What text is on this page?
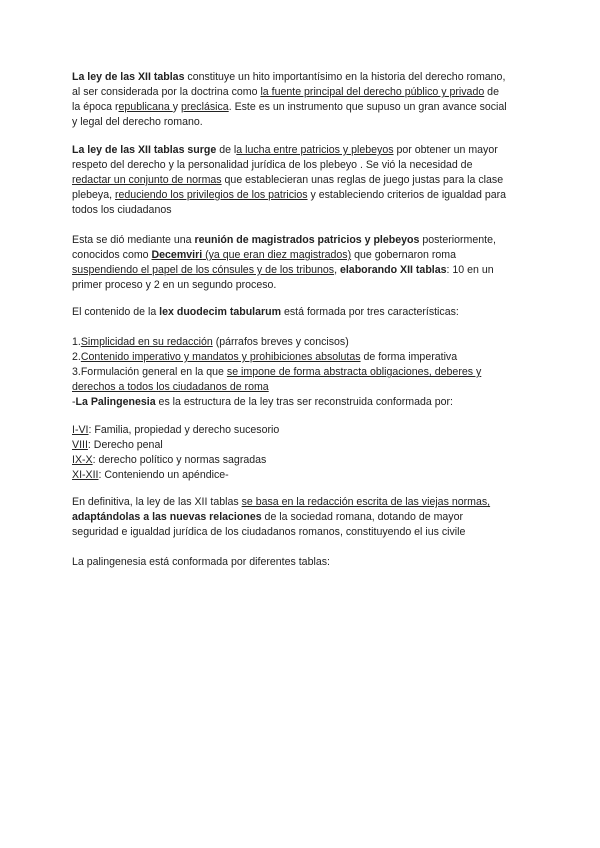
La ley de las XII tablas constituye un hito importantísimo en la historia del derecho romano,
al ser considerada por la doctrina como la fuente principal del derecho público y privado de
la época republicana y preclásica. Este es un instrumento que supuso un gran avance social
y legal del derecho romano.
La ley de las XII tablas surge de la lucha entre patricios y plebeyos por obtener un mayor
respeto del derecho y la personalidad jurídica de los plebeyo . Se vió la necesidad de
redactar un conjunto de normas que establecieran unas reglas de juego justas para la clase
plebeya, reduciendo los privilegios de los patricios y estableciendo criterios de igualdad para
todos los ciudadanos
Esta se dió mediante una reunión de magistrados patricios y plebeyos posteriormente,
conocidos como Decemviri (ya que eran diez magistrados) que gobernaron roma
suspendiendo el papel de los cónsules y de los tribunos, elaborando XII tablas: 10 en un
primer proceso y 2 en un segundo proceso.
El contenido de la lex duodecim tabularum está formada por tres características:
1.Simplicidad en su redacción (párrafos breves y concisos)
2.Contenido imperativo y mandatos y prohibiciones absolutas de forma imperativa
3.Formulación general en la que se impone de forma abstracta obligaciones, deberes y
derechos a todos los ciudadanos de roma
-La Palingenesia es la estructura de la ley tras ser reconstruida conformada por:
I-VI: Familia, propiedad y derecho sucesorio
VIII: Derecho penal
IX-X: derecho político y normas sagradas
XI-XII: Conteniendo un apéndice-
En definitiva, la ley de las XII tablas se basa en la redacción escrita de las viejas normas,
adaptándolas a las nuevas relaciones de la sociedad romana, dotando de mayor
seguridad e igualdad jurídica de los ciudadanos romanos, constituyendo el ius civile
La palingenesia está conformada por diferentes tablas:
